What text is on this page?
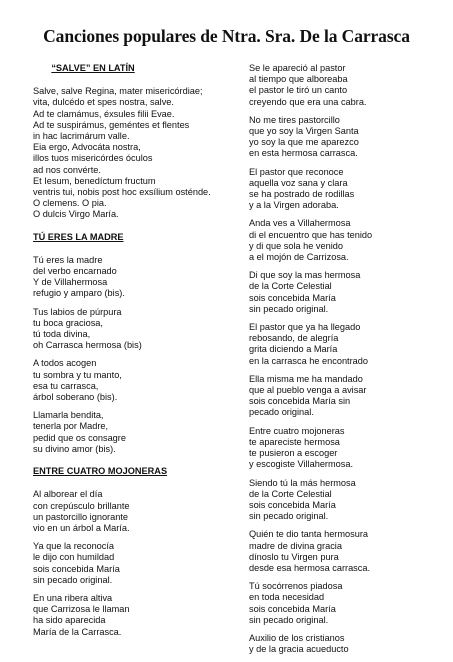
Canciones populares de Ntra. Sra. De la Carrasca
“SALVE” EN LATÍN
Salve, salve Regina, mater misericórdiae;
vita, dulcédo et spes nostra, salve.
Ad te clamámus, éxsules filii Evae.
Ad te suspirámus, geméntes et flentes
in hac lacrimárum valle.
Eia ergo, Advocáta nostra,
illos tuos misericórdes óculos
ad nos convérte.
Et Iesum, benedíctum fructum
ventris tui, nobis post hoc exsílium osténde.
O clemens. O pia.
O dulcis Virgo María.
TÚ ERES LA MADRE
Tú eres la madre
del verbo encarnado
Y de Villahermosa
refugio y amparo (bis).
Tus labios de púrpura
tu boca graciosa,
tú toda divina,
oh Carrasca hermosa (bis)
A todos acogen
tu sombra y tu manto,
esa tu carrasca,
árbol soberano (bis).
Llamarla bendita,
tenerla por Madre,
pedid que os consagre
su divino amor (bis).
ENTRE CUATRO MOJONERAS
Al alborear el día
con crepúsculo brillante
un pastorcillo ignorante
vio en un árbol a María.
Ya que la reconocía
le dijo con humildad
sois concebida María
sin pecado original.
En una ribera altiva
que Carrizosa le llaman
ha sido aparecida
María de la Carrasca.
Se le apareció al pastor
al tiempo que alboreaba
el pastor le tiró un canto
creyendo que era una cabra.
No me tires pastorcillo
que yo soy la Virgen Santa
yo soy la que me aparezco
en esta hermosa carrasca.
El pastor que reconoce
aquella voz sana y clara
se ha postrado de rodillas
y a la Virgen adoraba.
Anda ves a Villahermosa
di el encuentro que has tenido
y di que sola he venido
a el mojón de Carrizosa.
Di que soy la mas hermosa
de la Corte Celestial
sois concebida María
sin pecado original.
El pastor que ya ha llegado
rebosando, de alegría
grita diciendo a María
en la carrasca he encontrado
Ella misma me ha mandado
que al pueblo venga a avisar
sois concebida María sin
pecado original.
Entre cuatro mojoneras
te apareciste hermosa
te pusieron a escoger
y escogiste Villahermosa.
Siendo tú la más hermosa
de la Corte Celestial
sois concebida María
sin pecado original.
Quién te dio tanta hermosura
madre de divina gracia
dínoslo tu Virgen pura
desde esa hermosa carrasca.
Tú socórrenos piadosa
en toda necesidad
sois concebida María
sin pecado original.
Auxilio de los cristianos
y de la gracia acueducto
